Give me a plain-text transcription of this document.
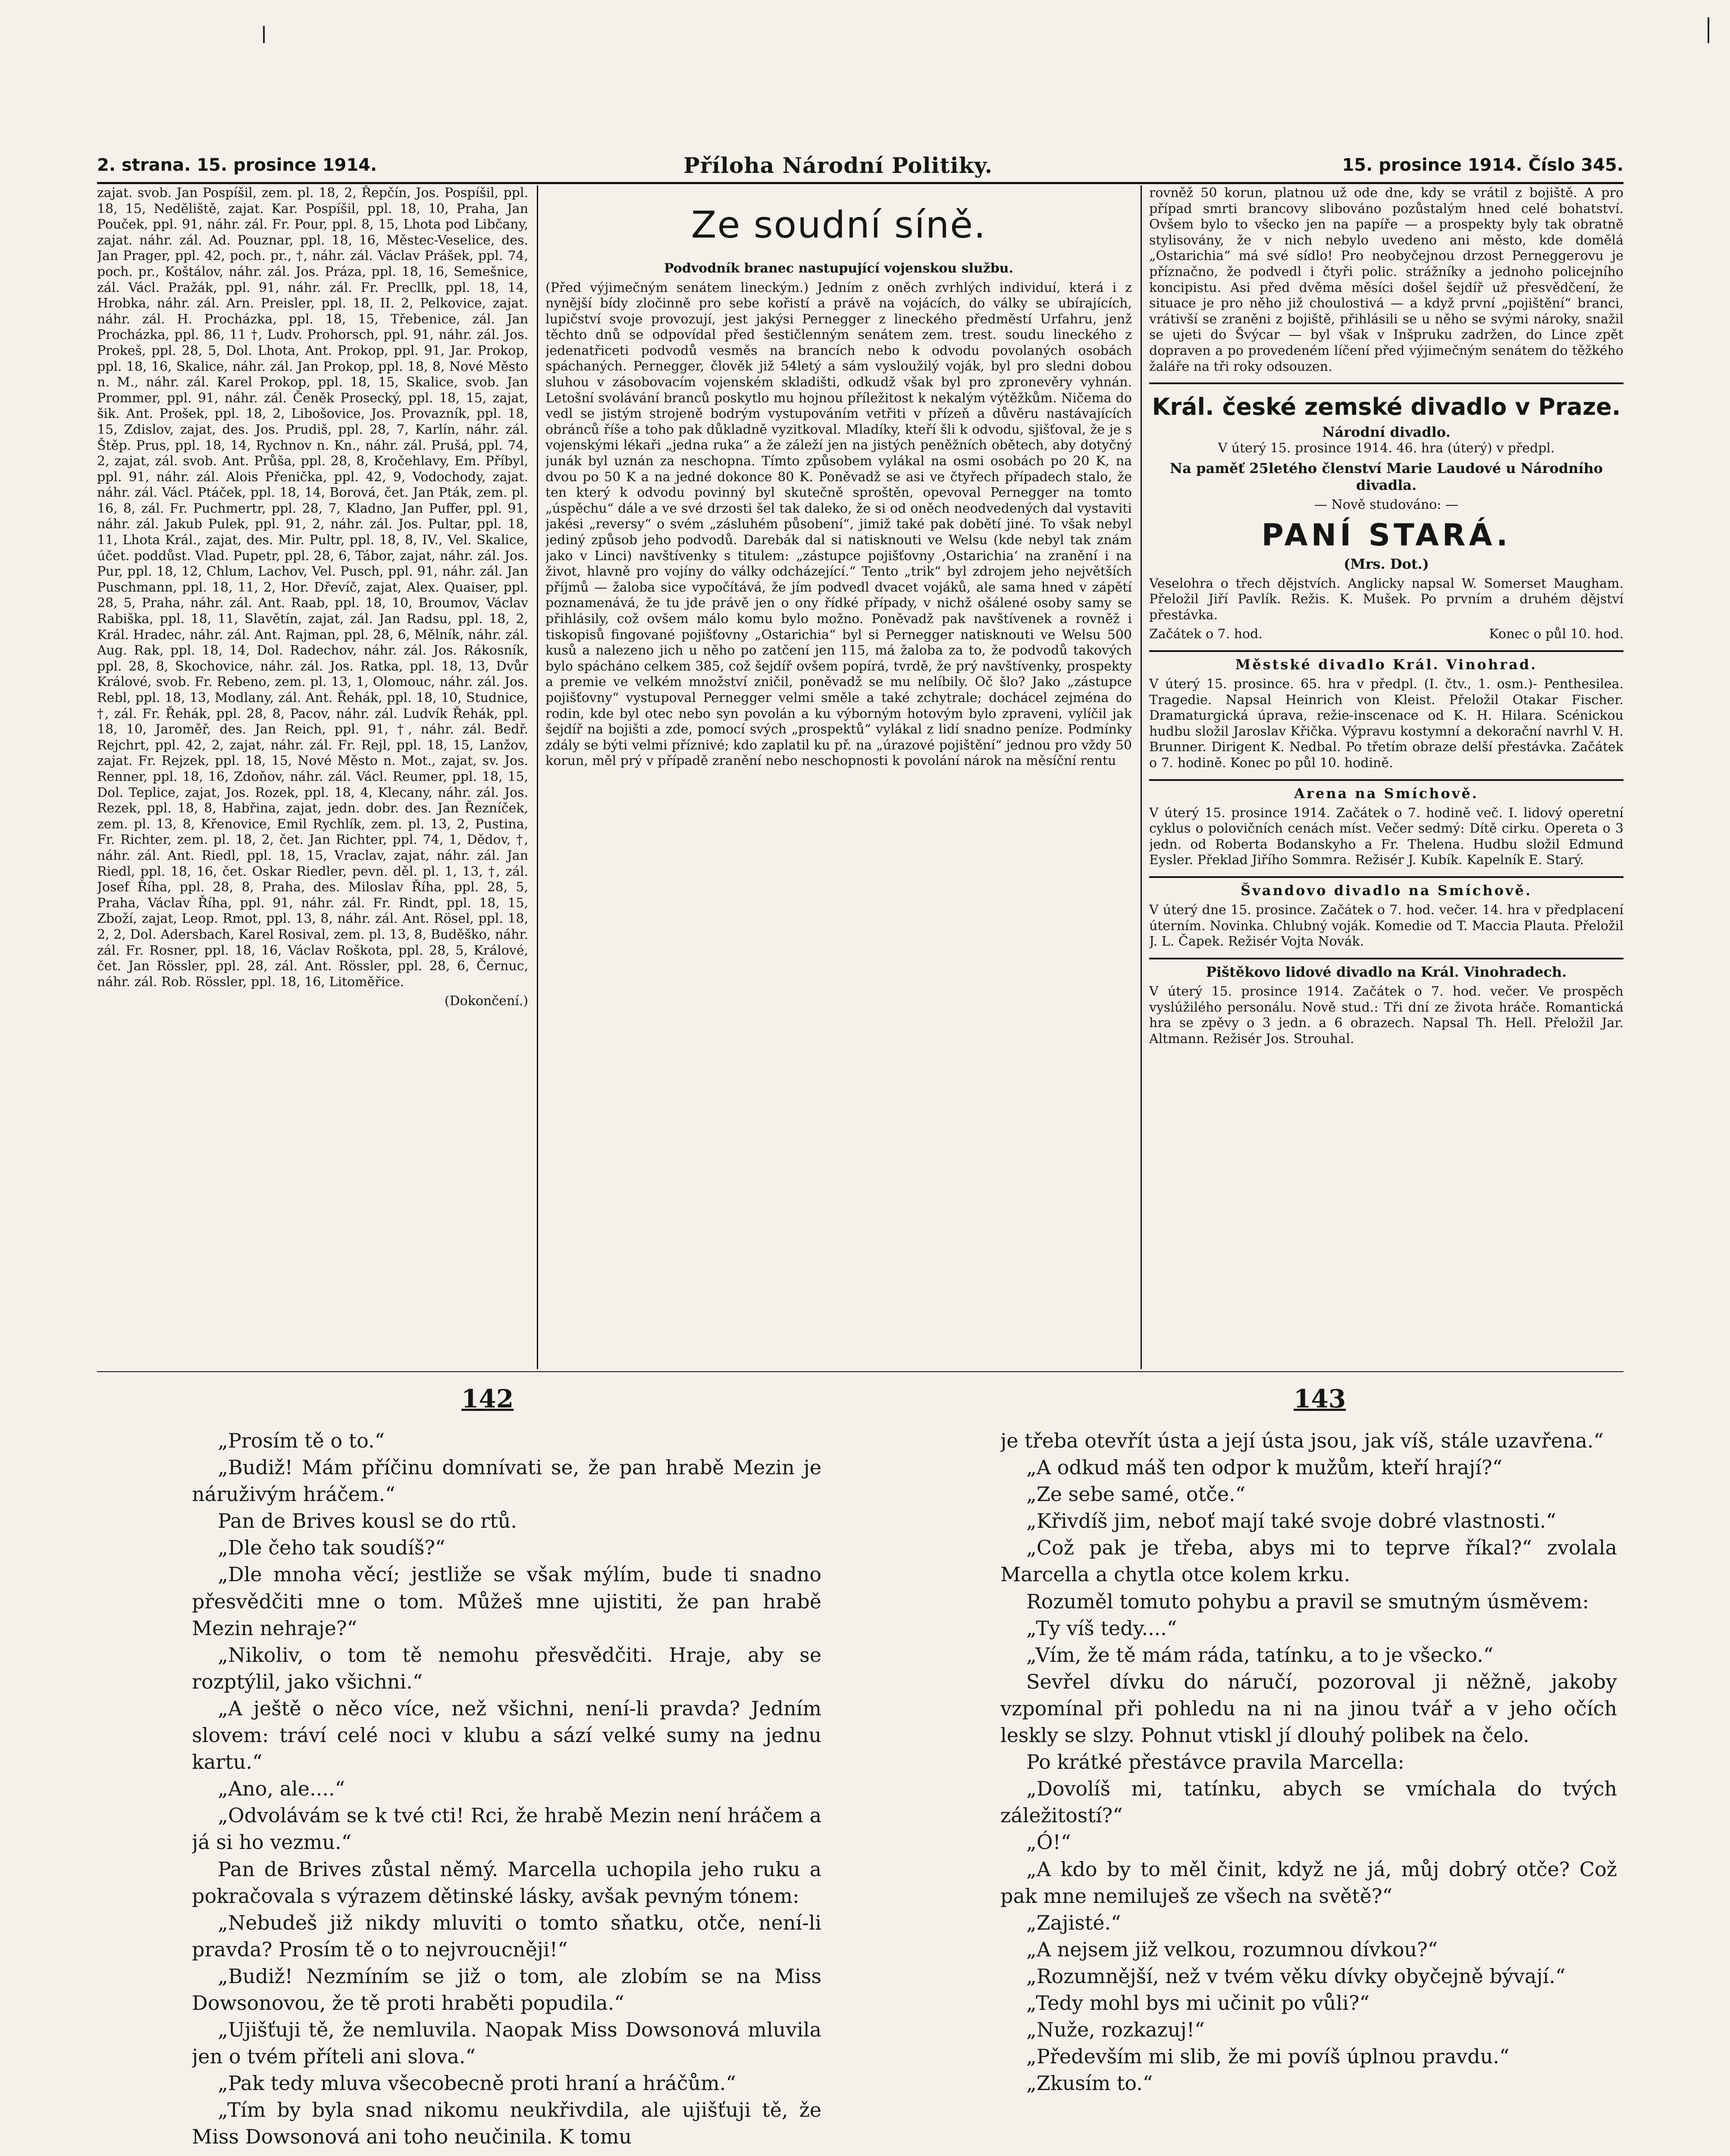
2. strana. 15. prosince 1914.	Příloha Národní Politiky.	15. prosince 1914. Číslo 345.

zajat. svob. Jan Pospíšil, zem. pl. 18, 2, Řepčín, Jos. Pospíšil, ppl. 18, 15, Neděliště, zajat. Kar. Pospíšil, ppl. 18, 10, Praha, Jan Pouček, ppl. 91, náhr. zál. Fr. Pour, ppl. 8, 15, Lhota pod Libčany, zajat. náhr. zál. Ad. Pouznar, ppl. 18, 16, Městec-Veselice, des. Jan Prager, ppl. 42, poch. pr., †, náhr. zál. Václav Prášek, ppl. 74, poch. pr., Koštálov, náhr. zál. Jos. Práza, ppl. 18, 16, Semešnice, zál. Václ. Pražák, ppl. 91, náhr. zál. Fr. Precllk, ppl. 18, 14, Hrobka, náhr. zál. Arn. Preisler, ppl. 18, II. 2, Pelkovice, zajat. náhr. zál. H. Procházka, ppl. 18, 15, Třebenice, zál. Jan Procházka, ppl. 86, 11 †, Ludv. Prohorsch, ppl. 91, náhr. zál. Jos. Prokeš, ppl. 28, 5, Dol. Lhota, Ant. Prokop, ppl. 91, Jar. Prokop, ppl. 18, 16, Skalice, náhr. zál. Jan Prokop, ppl. 18, 8, Nové Město n. M., náhr. zál. Karel Prokop, ppl. 18, 15, Skalice, svob. Jan Prommer, ppl. 91, náhr. zál. Čeněk Prosecký, ppl. 18, 15, zajat, šik. Ant. Prošek, ppl. 18, 2, Libošovice, Jos. Provazník, ppl. 18, 15, Zdislov, zajat, des. Jos. Prudiš, ppl. 28, 7, Karlín, náhr. zál. Štěp. Prus, ppl. 18, 14, Rychnov n. Kn., náhr. zál. Prušá, ppl. 74, 2, zajat, zál. svob. Ant. Průša, ppl. 28, 8, Kročehlavy, Em. Příbyl, ppl. 91, náhr. zál. Alois Přenička, ppl. 42, 9, Vodochody, zajat. náhr. zál. Václ. Ptáček, ppl. 18, 14, Borová, čet. Jan Pták, zem. pl. 16, 8, zál. Fr. Puchmertr, ppl. 28, 7, Kladno, Jan Puffer, ppl. 91, náhr. zál. Jakub Pulek, ppl. 91, 2, náhr. zál. Jos. Pultar, ppl. 18, 11, Lhota Král., zajat, des. Mir. Pultr, ppl. 18, 8, IV., Vel. Skalice, účet. poddůst. Vlad. Pupetr, ppl. 28, 6, Tábor, zajat, náhr. zál. Jos. Pur, ppl. 18, 12, Chlum, Lachov, Vel. Pusch, ppl. 91, náhr. zál. Jan Puschmann, ppl. 18, 11, 2, Hor. Dřevíč, zajat, Alex. Quaiser, ppl. 28, 5, Praha, náhr. zál. Ant. Raab, ppl. 18, 10, Broumov, Václav Rabiška, ppl. 18, 11, Slavětín, zajat, zál. Jan Radsu, ppl. 18, 2, Král. Hradec, náhr. zál. Ant. Rajman, ppl. 28, 6, Mělník, náhr. zál. Aug. Rak, ppl. 18, 14, Dol. Radechov, náhr. zál. Jos. Rákosník, ppl. 28, 8, Skochovice, náhr. zál. Jos. Ratka, ppl. 18, 13, Dvůr Králové, svob. Fr. Rebeno, zem. pl. 13, 1, Olomouc, náhr. zál. Jos. Rebl, ppl. 18, 13, Modlany, zál. Ant. Řehák, ppl. 18, 10, Studnice, †, zál. Fr. Řehák, ppl. 28, 8, Pacov, náhr. zál. Ludvík Řehák, ppl. 18, 10, Jaroměř, des. Jan Reich, ppl. 91, †, náhr. zál. Bedř. Rejchrt, ppl. 42, 2, zajat, náhr. zál. Fr. Rejl, ppl. 18, 15, Lanžov, zajat. Fr. Rejzek, ppl. 18, 15, Nové Město n. Mot., zajat, sv. Jos. Renner, ppl. 18, 16, Zdoňov, náhr. zál. Václ. Reumer, ppl. 18, 15, Dol. Teplice, zajat, Jos. Rozek, ppl. 18, 4, Klecany, náhr. zál. Jos. Rezek, ppl. 18, 8, Habřina, zajat, jedn. dobr. des. Jan Řezníček, zem. pl. 13, 8, Křenovice, Emil Rychlík, zem. pl. 13, 2, Pustina, Fr. Richter, zem. pl. 18, 2, čet. Jan Richter, ppl. 74, 1, Dědov, †, náhr. zál. Ant. Riedl, ppl. 18, 15, Vraclav, zajat, náhr. zál. Jan Riedl, ppl. 18, 16, čet. Oskar Riedler, pevn. děl. pl. 1, 13, †, zál. Josef Říha, ppl. 28, 8, Praha, des. Miloslav Říha, ppl. 28, 5, Praha, Václav Říha, ppl. 91, náhr. zál. Fr. Rindt, ppl. 18, 15, Zboží, zajat, Leop. Rmot, ppl. 13, 8, náhr. zál. Ant. Rösel, ppl. 18, 2, 2, Dol. Adersbach, Karel Rosival, zem. pl. 13, 8, Buděško, náhr. zál. Fr. Rosner, ppl. 18, 16, Václav Roškota, ppl. 28, 5, Králové, čet. Jan Rössler, ppl. 28, zál. Ant. Rössler, ppl. 28, 6, Černuc, náhr. zál. Rob. Rössler, ppl. 18, 16, Litoměřice.

(Dokončení.)

Ze soudní síně.

Podvodník branec nastupující vojenskou službu.

(Před výjimečným senátem lineckým.) Jedním z oněch zvrhlých individuí, která i z nynější bídy zločinně pro sebe kořistí a právě na vojácích, do války se ubírajících, lupičství svoje provozují, jest jakýsi Pernegger z lineckého předměstí Urfahru, jenž těchto dnů se odpovídal před šestičlenným senátem zem. trest. soudu lineckého z jedenatřiceti podvodů vesměs na brancích nebo k odvodu povolaných osobách spáchaných. Pernegger, člověk již 54letý a sám vysloužilý voják, byl pro sledni dobou sluhou v zásobovacím vojenském skladišti, odkudž však byl pro zpronevěry vyhnán. Letošní svolávání branců poskytlo mu hojnou příležitost k nekalým výtěžkům. Ničema do vedl se jistým strojeně bodrým vystupováním vetřiti v přízeň a důvěru nastávajících obránců říše a toho pak důkladně vyzitkoval. Mladíky, kteří šli k odvodu, sjišťoval, že je s vojenskými lékaři „jedna ruka“ a že záleží jen na jistých peněžních obětech, aby dotyčný junák byl uznán za neschopna. Tímto způsobem vylákal na osmi osobách po 20 K, na dvou po 50 K a na jedné dokonce 80 K. Poněvadž se asi ve čtyřech případech stalo, že ten který k odvodu povinný byl skutečně sproštěn, opevoval Pernegger na tomto „úspěchu“ dále a ve své drzosti šel tak daleko, že si od oněch neodvedených dal vystaviti jakési „reversy“ o svém „zásluhém působení“, jimiž také pak dobětí jiné. To však nebyl jediný způsob jeho podvodů. Darebák dal si natisknouti ve Welsu (kde nebyl tak znám jako v Linci) navštívenky s titulem: „zástupce pojišťovny ‚Ostarichia‘ na zranění i na život, hlavně pro vojíny do války odcházející.“ Tento „trik“ byl zdrojem jeho největších příjmů — žaloba sice vypočítává, že jím podvedl dvacet vojáků, ale sama hned v zápětí poznamenává, že tu jde právě jen o ony řídké případy, v nichž ošálené osoby samy se přihlásily, což ovšem málo komu bylo možno. Poněvadž pak navštívenek a rovněž i tiskopisů fingované pojišťovny „Ostarichia“ byl si Pernegger natisknouti ve Welsu 500 kusů a nalezeno jich u něho po zatčení jen 115, má žaloba za to, že podvodů takových bylo spácháno celkem 385, což šejdíř ovšem popírá, tvrdě, že prý navštívenky, prospekty a premie ve velkém množství zničil, poněvadž se mu nelíbily. Oč šlo? Jako „zástupce pojišťovny“ vystupoval Pernegger velmi směle a také zchytrale; dochácel zejména do rodin, kde byl otec nebo syn povolán a ku výborným hotovým bylo zpraveni, vylíčil jak šejdíř na bojišti a zde, pomocí svých „prospektů“ vylákal z lidí snadno peníze. Podmínky zdály se býti velmi příznivé; kdo zaplatil ku př. na „úrazové pojištění“ jednou pro vždy 50 korun, měl prý v případě zranění nebo neschopnosti k povolání nárok na měsíční rentu

rovněž 50 korun, platnou už ode dne, kdy se vrátil z bojiště. A pro případ smrti brancovy slibováno pozůstalým hned celé bohatství. Ovšem bylo to všecko jen na papíře — a prospekty byly tak obratně stylisovány, že v nich nebylo uvedeno ani město, kde domělá „Ostarichia“ má své sídlo! Pro neobyčejnou drzost Perneggerovu je příznačno, že podvedl i čtyři polic. strážníky a jednoho policejního koncipistu. Asi před dvěma měsíci došel šejdíř už přesvědčení, že situace je pro něho již choulostivá — a když první „pojištění“ branci, vrátivší se zraněni z bojiště, přihlásili se u něho se svými nároky, snažil se ujeti do Švýcar — byl však v Inšpruku zadržen, do Lince zpět dopraven a po provedeném líčení před výjimečným senátem do těžkého žaláře na tři roky odsouzen.

Král. české zemské divadlo v Praze.
Národní divadlo.

V úterý 15. prosince 1914. 46. hra (úterý) v předpl.

Na paměť 25letého členství Marie Laudové u Národního divadla.

— Nově studováno: —

PANÍ STARÁ.

(Mrs. Dot.)

Veselohra o třech dějstvích. Anglicky napsal W. Somerset Maugham. Přeložil Jiří Pavlík. Režis. K. Mušek. Po prvním a druhém dějství přestávka.

Začátek o 7. hod.	Konec o půl 10. hod.

Městské divadlo Král. Vinohrad.

V úterý 15. prosince. 65. hra v předpl. (I. čtv., 1. osm.)- Penthesilea. Tragedie. Napsal Heinrich von Kleist. Přeložil Otakar Fischer. Dramaturgická úprava, režie-inscenace od K. H. Hilara. Scénickou hudbu složil Jaroslav Křička. Výpravu kostymní a dekorační navrhl V. H. Brunner. Dirigent K. Nedbal. Po třetím obraze delší přestávka. Začátek o 7. hodině. Konec po půl 10. hodině.

Arena na Smíchově.

V úterý 15. prosince 1914. Začátek o 7. hodině več. I. lidový operetní cyklus o polovičních cenách míst. Večer sedmý: Dítě cirku. Opereta o 3 jedn. od Roberta Bodanskyho a Fr. Thelena. Hudbu složil Edmund Eysler. Překlad Jiřího Sommra. Režisér J. Kubík. Kapelník E. Starý.

Švandovo divadlo na Smíchově.

V úterý dne 15. prosince. Začátek o 7. hod. večer. 14. hra v předplacení úterním. Novinka. Chlubný voják. Komedie od T. Maccia Plauta. Přeložil J. L. Čapek. Režisér Vojta Novák.

Pištěkovo lidové divadlo na Král. Vinohradech.

V úterý 15. prosince 1914. Začátek o 7. hod. večer. Ve prospěch vyslúžilého personálu. Nově stud.: Tři dní ze života hráče. Romantická hra se zpěvy o 3 jedn. a 6 obrazech. Napsal Th. Hell. Přeložil Jar. Altmann. Režisér Jos. Strouhal.

142	143

„Prosím tě o to.“

„Budiž! Mám příčinu domnívati se, že pan hrabě Mezin je náruživým hráčem.“

Pan de Brives kousl se do rtů.

„Dle čeho tak soudíš?“

„Dle mnoha věcí; jestliže se však mýlím, bude ti snadno přesvědčiti mne o tom. Můžeš mne ujistiti, že pan hrabě Mezin nehraje?“

„Nikoliv, o tom tě nemohu přesvědčiti. Hraje, aby se rozptýlil, jako všichni.“

„A ještě o něco více, než všichni, není-li pravda? Jedním slovem: tráví celé noci v klubu a sází velké sumy na jednu kartu.“

„Ano, ale....“

„Odvolávám se k tvé cti! Rci, že hrabě Mezin není hráčem a já si ho vezmu.“

Pan de Brives zůstal němý. Marcella uchopila jeho ruku a pokračovala s výrazem dětinské lásky, avšak pevným tónem:

„Nebudeš již nikdy mluviti o tomto sňatku, otče, není-li pravda? Prosím tě o to nejvroucněji!“

„Budiž! Nezmíním se již o tom, ale zlobím se na Miss Dowsonovou, že tě proti hraběti popudila.“

„Ujišťuji tě, že nemluvila. Naopak Miss Dowsonová mluvila jen o tvém příteli ani slova.“

„Pak tedy mluva všecobecně proti hraní a hráčům.“

„Tím by byla snad nikomu neukřivdila, ale ujišťuji tě, že Miss Dowsonová ani toho neučinila. K tomu

je třeba otevřít ústa a její ústa jsou, jak víš, stále uzavřena.“

„A odkud máš ten odpor k mužům, kteří hrají?“

„Ze sebe samé, otče.“

„Křivdíš jim, neboť mají také svoje dobré vlastnosti.“

„Což pak je třeba, abys mi to teprve říkal?“ zvolala Marcella a chytla otce kolem krku.

Rozuměl tomuto pohybu a pravil se smutným úsměvem:

„Ty víš tedy....“

„Vím, že tě mám ráda, tatínku, a to je všecko.“

Sevřel dívku do náručí, pozoroval ji něžně, jakoby vzpomínal při pohledu na ni na jinou tvář a v jeho očích leskly se slzy. Pohnut vtiskl jí dlouhý polibek na čelo.

Po krátké přestávce pravila Marcella:

„Dovolíš mi, tatínku, abych se vmíchala do tvých záležitostí?“

„Ó!“

„A kdo by to měl činit, když ne já, můj dobrý otče? Což pak mne nemiluješ ze všech na světě?“

„Zajisté.“

„A nejsem již velkou, rozumnou dívkou?“

„Rozumnější, než v tvém věku dívky obyčejně bývají.“

„Tedy mohl bys mi učinit po vůli?“

„Nuže, rozkazuj!“

„Především mi slib, že mi povíš úplnou pravdu.“

„Zkusím to.“
